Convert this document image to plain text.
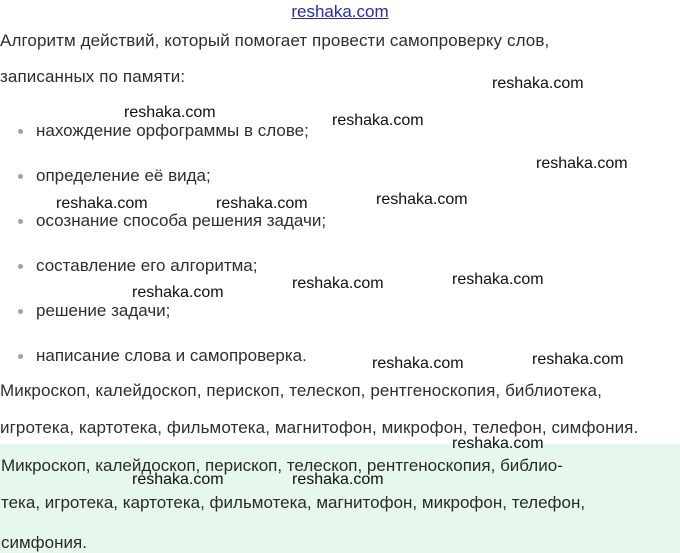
reshaka.com
Алгоритм действий, который помогает провести самопроверку слов,
записанных по памяти:
нахождение орфограммы в слове;
определение её вида;
осознание способа решения задачи;
составление его алгоритма;
решение задачи;
написание слова и самопроверка.
Микроскоп, калейдоскоп, перископ, телескоп, рентгеноскопия, библиотека,
игротека, картотека, фильмотека, магнитофон, микрофон, телефон, симфония.
Микроскоп, калейдоскоп, перископ, телескоп, рентгеноскопия, библио-
тека, игротека, картотека, фильмотека, магнитофон, микрофон, телефон,
симфония.
reshaka.com
reshaka.com	reshaka.com
reshaka.com
reshaka.com	reshaka.com	reshaka.com
reshaka.com	reshaka.com
reshaka.com
reshaka.com	reshaka.com
reshaka.com
reshaka.com	reshaka.com
